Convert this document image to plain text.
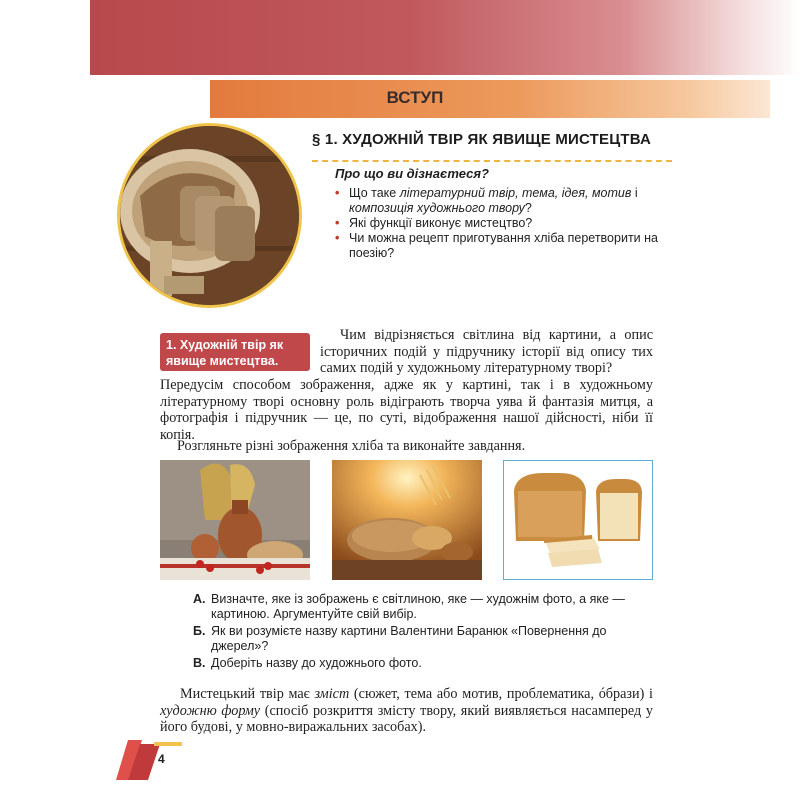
ВСТУП
§ 1. ХУДОЖНІЙ ТВІР ЯК ЯВИЩЕ МИСТЕЦТВА
Про що ви дізнаєтеся?
• Що таке літературний твір, тема, ідея, мотив і композиція художнього твору?
• Які функції виконує мистецтво?
• Чи можна рецепт приготування хліба перетворити на поезію?
1. Художній твір як явище мистецтва.
Чим відрізняється світлина від картини, а опис історичних подій у підручнику історії від опису тих самих подій у художньому літературному творі?
Передусім способом зображення, адже як у картині, так і в художньому літературному творі основну роль відіграють творча уява й фантазія митця, а фотографія і підручник — це, по суті, відображення нашої дійсності, ніби її копія.
Розгляньте різні зображення хліба та виконайте завдання.
А. Визначте, яке із зображень є світлиною, яке — художнім фото, а яке — картиною. Аргументуйте свій вибір.
Б. Як ви розумієте назву картини Валентини Баранюк «Повернення до джерел»?
В. Доберіть назву до художнього фото.
Мистецький твір має зміст (сюжет, тема або мотив, проблематика, óбрази) і художню форму (спосіб розкриття змісту твору, який виявляється насамперед у його будові, у мовно-виражальних засобах).
4
